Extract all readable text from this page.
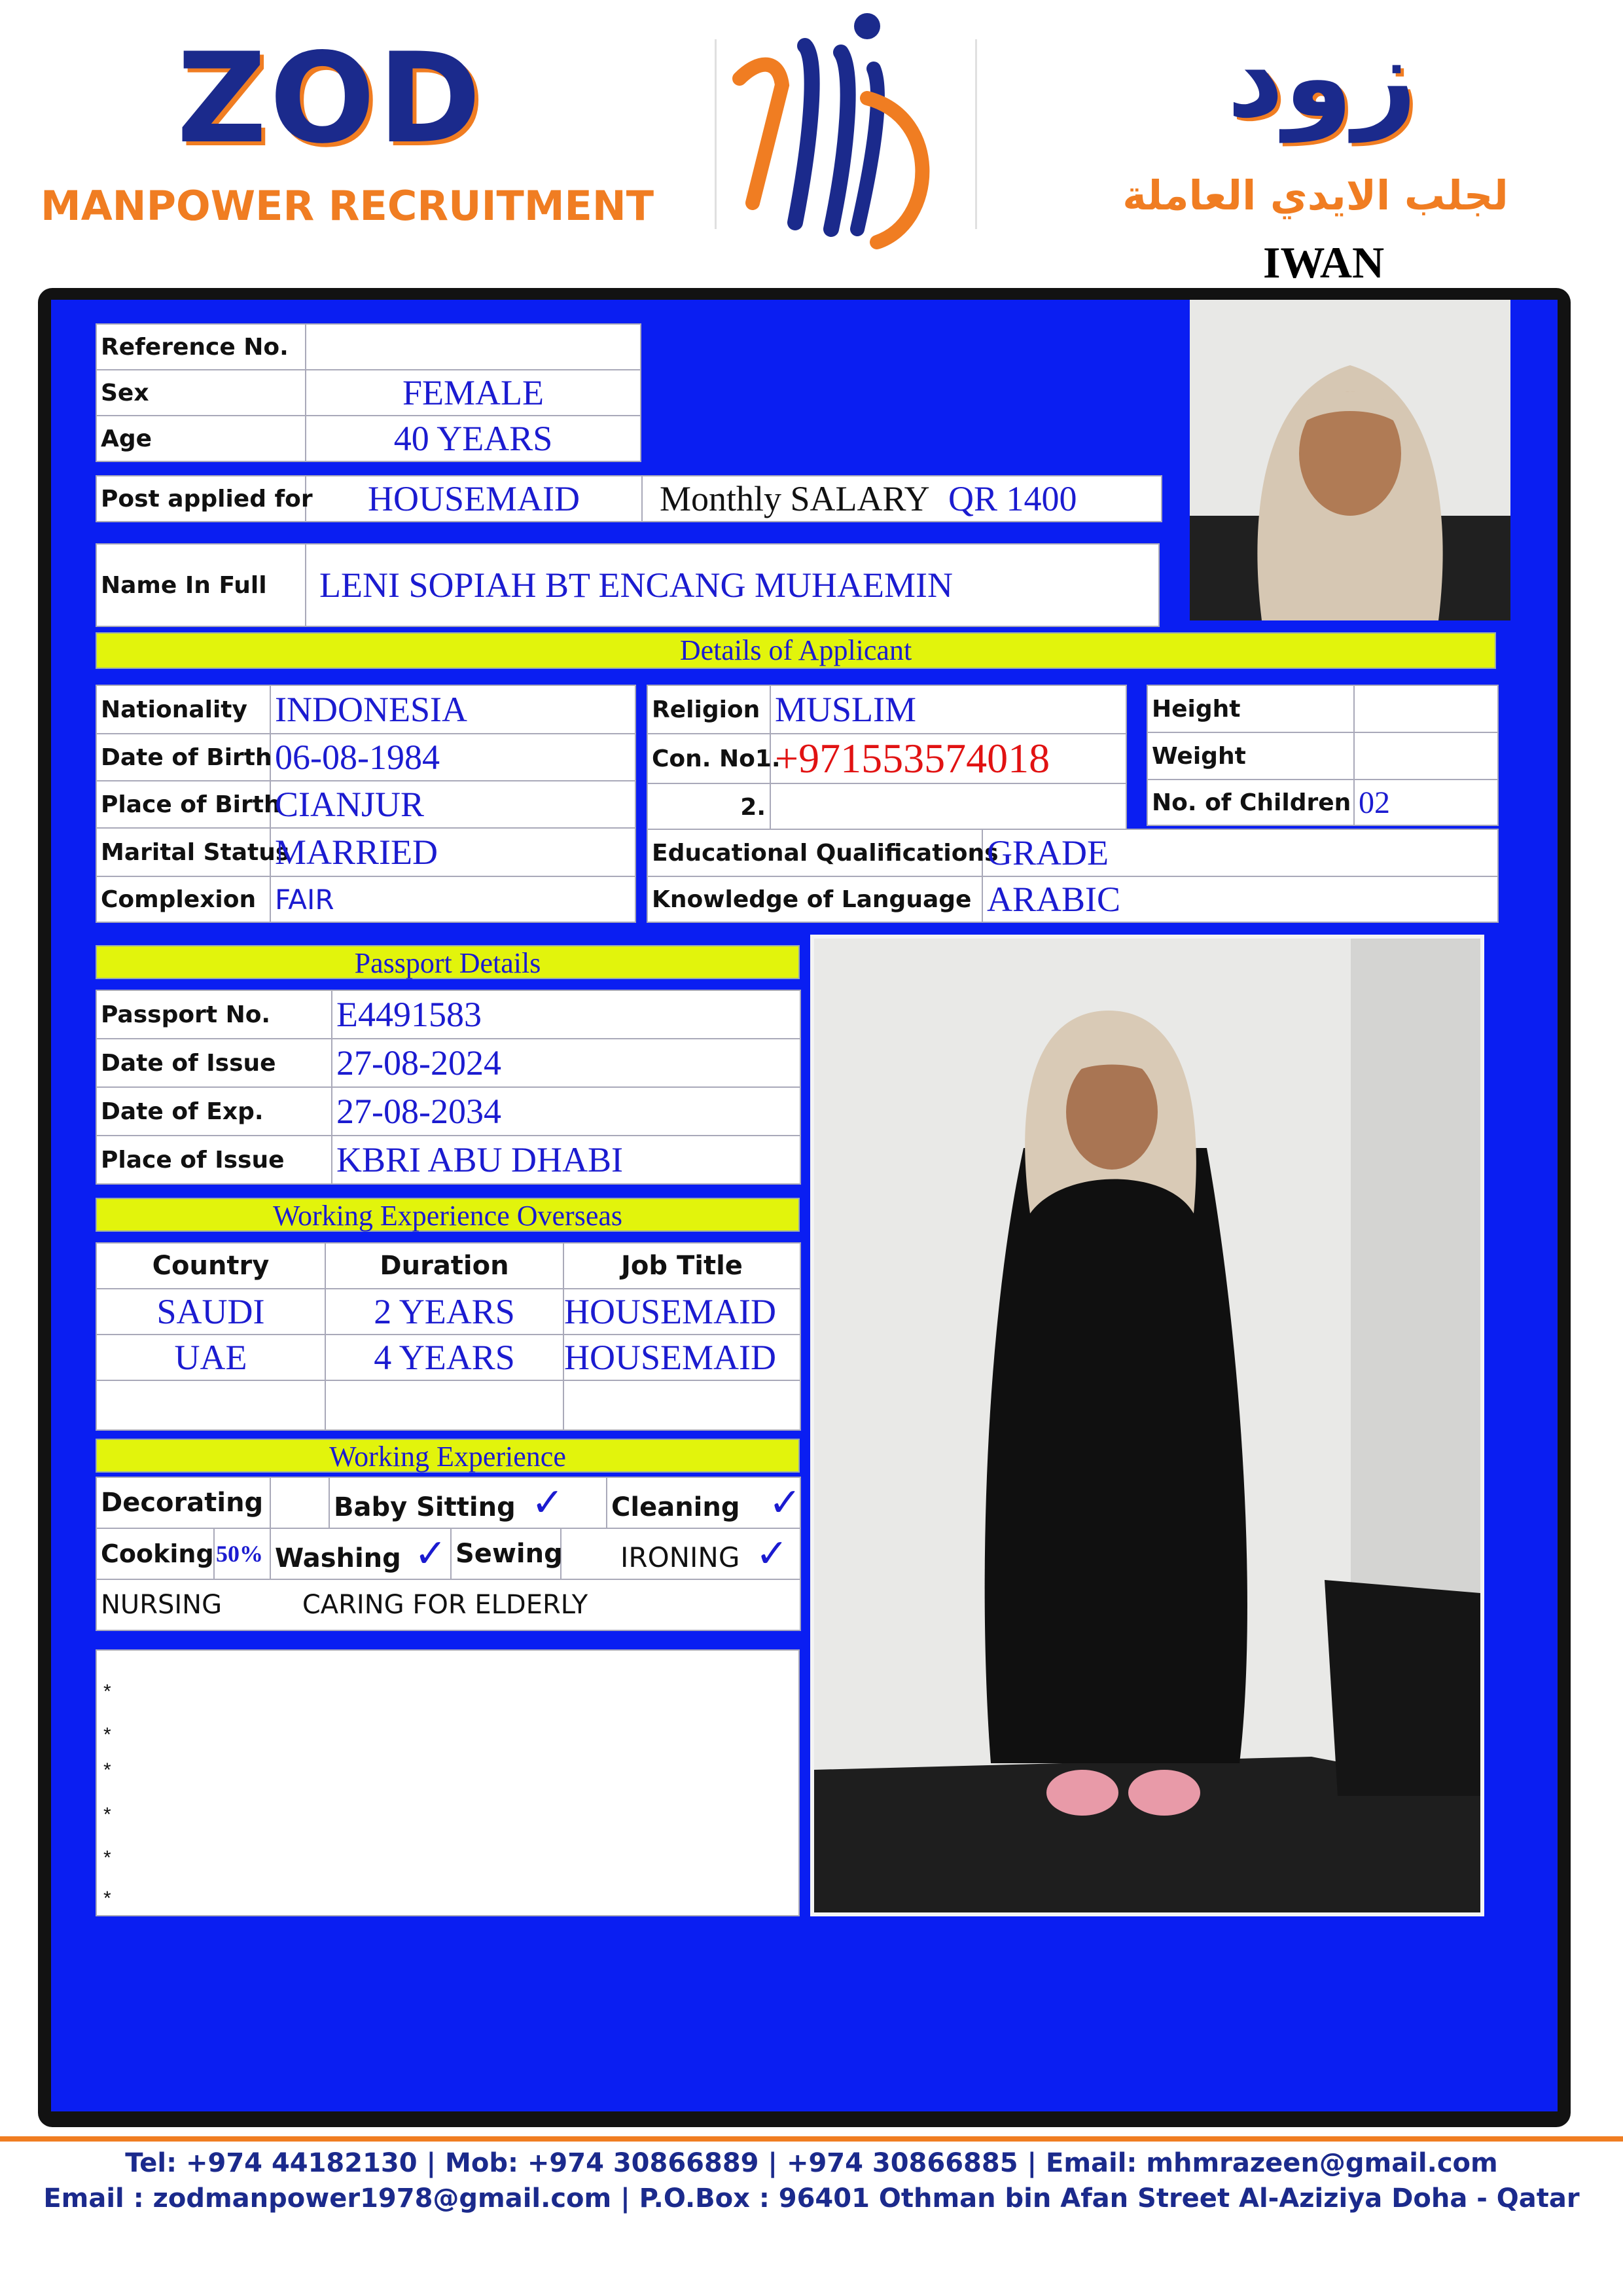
ZOD
MANPOWER RECRUITMENT
زود
لجلب الايدي العاملة
IWAN
Reference No.	
Sex	FEMALE
Age	40 YEARS
Post applied for	HOUSEMAID	Monthly SALARY QR 1400
Name In Full	LENI SOPIAH BT ENCANG MUHAEMIN
Details of Applicant
Nationality	INDONESIA
Date of Birth	06-08-1984
Place of Birth	CIANJUR
Marital Status	MARRIED
Complexion	FAIR
Religion	MUSLIM
Con. No1.	+971553574018
2.	
Height	
Weight	
No. of Children	02
Educational Qualifications	GRADE
Knowledge of Language	ARABIC
Passport Details
Passport No.	E4491583
Date of Issue	27-08-2024
Date of Exp.	27-08-2034
Place of Issue	KBRI ABU DHABI
Working Experience Overseas
Country	Duration	Job Title
SAUDI	2 YEARS	HOUSEMAID
UAE	4 YEARS	HOUSEMAID

Working Experience
Decorating		Baby Sitting ✓	Cleaning ✓
Cooking	50%	Washing ✓	Sewing	IRONING ✓
NURSING	CARING FOR ELDERLY
*
*
*
*
*
*
Tel: +974 44182130 | Mob: +974 30866889 | +974 30866885 | Email: mhmrazeen@gmail.com
Email : zodmanpower1978@gmail.com | P.O.Box : 96401 Othman bin Afan Street Al-Aziziya Doha - Qatar
